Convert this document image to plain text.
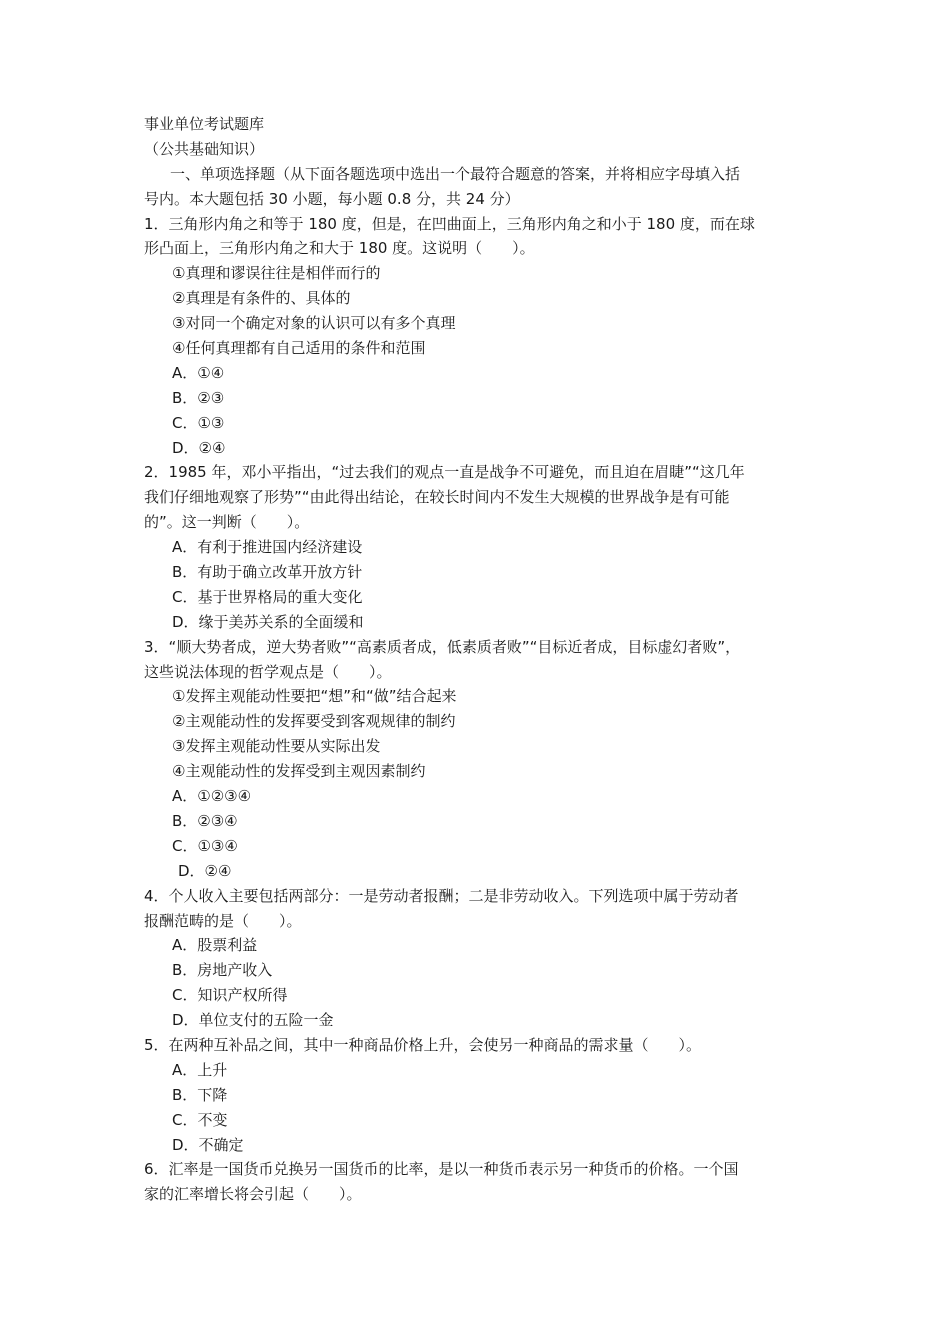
事业单位考试题库
（公共基础知识）
一、单项选择题（从下面各题选项中选出一个最符合题意的答案，并将相应字母填入括
号内。本大题包括 30 小题，每小题 0.8 分，共 24 分）
1．三角形内角之和等于 180 度，但是，在凹曲面上，三角形内角之和小于 180 度，而在球
形凸面上，三角形内角之和大于 180 度。这说明（　　）。
①真理和谬误往往是相伴而行的
②真理是有条件的、具体的
③对同一个确定对象的认识可以有多个真理
④任何真理都有自己适用的条件和范围
A．①④
B．②③
C．①③
D．②④
2．1985 年，邓小平指出，“过去我们的观点一直是战争不可避免，而且迫在眉睫”“这几年
我们仔细地观察了形势”“由此得出结论，在较长时间内不发生大规模的世界战争是有可能
的”。这一判断（　　）。
A．有利于推进国内经济建设
B．有助于确立改革开放方针
C．基于世界格局的重大变化
D．缘于美苏关系的全面缓和
3．“顺大势者成，逆大势者败”“高素质者成，低素质者败”“目标近者成，目标虚幻者败”，
这些说法体现的哲学观点是（　　）。
①发挥主观能动性要把“想”和“做”结合起来
②主观能动性的发挥要受到客观规律的制约
③发挥主观能动性要从实际出发
④主观能动性的发挥受到主观因素制约
A．①②③④
B．②③④
C．①③④
D．②④
4．个人收入主要包括两部分：一是劳动者报酬；二是非劳动收入。下列选项中属于劳动者
报酬范畴的是（　　）。
A．股票利益
B．房地产收入
C．知识产权所得
D．单位支付的五险一金
5．在两种互补品之间，其中一种商品价格上升，会使另一种商品的需求量（　　）。
A．上升
B．下降
C．不变
D．不确定
6．汇率是一国货币兑换另一国货币的比率，是以一种货币表示另一种货币的价格。一个国
家的汇率增长将会引起（　　）。
